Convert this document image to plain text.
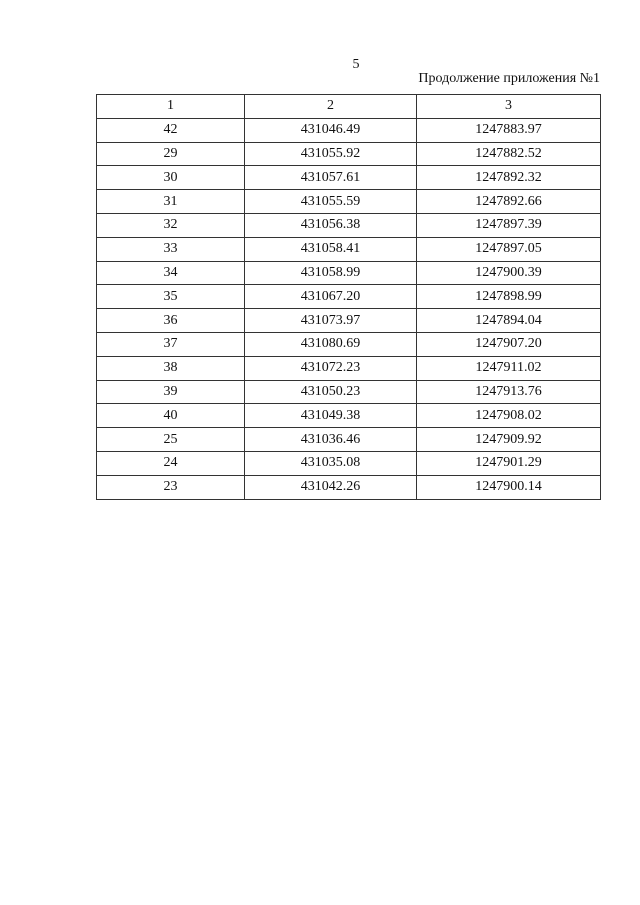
5
Продолжение приложения №1
1	2	3
42	431046.49	1247883.97
29	431055.92	1247882.52
30	431057.61	1247892.32
31	431055.59	1247892.66
32	431056.38	1247897.39
33	431058.41	1247897.05
34	431058.99	1247900.39
35	431067.20	1247898.99
36	431073.97	1247894.04
37	431080.69	1247907.20
38	431072.23	1247911.02
39	431050.23	1247913.76
40	431049.38	1247908.02
25	431036.46	1247909.92
24	431035.08	1247901.29
23	431042.26	1247900.14
